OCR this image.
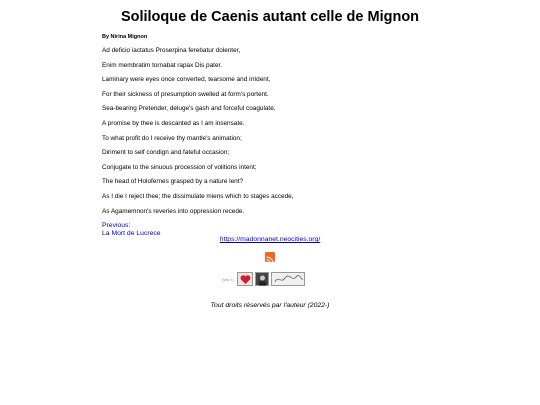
Soliloque de Caenis autant celle de Mignon

By Nirina Mignon

Ad deficio iactatus Proserpina ferebatur dolenter,
Enim membratim tornabat rapax Dis pater.
Laminary were eyes once converted, tearsome and irrident,
For their sickness of presumption swelled at form's portent.
Sea-bearing Pretender, deluge's gash and forceful coagulate,
A promise by thee is descanted as I am insensate.
To what profit do I receive thy mantle's animation;
Diriment to self condign and fateful occasion;
Conjugate to the sinuous procession of volitions intent;
The head of Holofernes grasped by a nature lent?
As I die I reject thee; the dissimulate miens which to stages accede,
As Agamemnon's reveries into oppression recede.
Previous:
La Mort de Lucrece
https://madonnanet.neocities.org/
[site:1]

Tout droits réservés par l'auteur (2022-)
